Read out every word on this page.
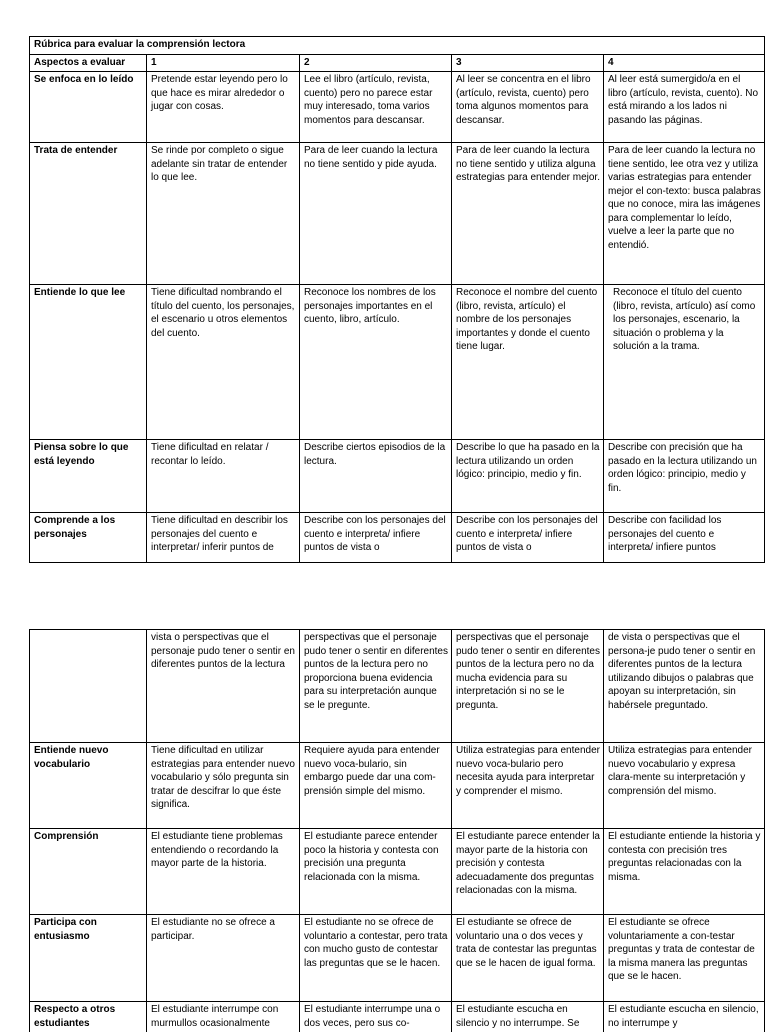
Rúbrica para evaluar la comprensión lectora				
Aspectos a evaluar	1	2	3	4
Se enfoca en lo leído	Pretende estar leyendo pero lo que hace es mirar alrededor o jugar con cosas.	Lee el libro (artículo, revista, cuento) pero no parece estar muy interesado, toma varios momentos para descansar.	Al leer se concentra en el libro (artículo, revista, cuento) pero toma algunos momentos para descansar.	Al leer está sumergido/a en el libro (artículo, revista, cuento). No está mirando a los lados ni pasando las páginas.
Trata de entender	Se rinde por completo o sigue adelante sin tratar de entender lo que lee.	Para de leer cuando la lectura no tiene sentido y pide ayuda.	Para de leer cuando la lectura no tiene sentido y utiliza alguna estrategias para entender mejor.	Para de leer cuando la lectura no tiene sentido, lee otra vez y utiliza varias estrategias para entender mejor el con-texto: busca palabras que no conoce, mira las imágenes para complementar lo leído, vuelve a leer la parte que no entendió.
Entiende lo que lee	Tiene dificultad nombrando el título del cuento, los personajes, el escenario u otros elementos del cuento.	Reconoce los nombres de los personajes importantes en el cuento, libro, artículo.	Reconoce el nombre del cuento (libro, revista, artículo) el nombre de los personajes importantes y donde el cuento tiene lugar.	Reconoce el título del cuento (libro, revista, artículo) así como los personajes, escenario, la situación o problema y la solución a la trama.
Piensa sobre lo que está leyendo	Tiene dificultad en relatar / recontar lo leído.	Describe ciertos episodios de la lectura.	Describe lo que ha pasado en la lectura utilizando un orden lógico: principio, medio y fin.	Describe con precisión que ha pasado en la lectura utilizando un orden lógico: principio, medio y fin.
Comprende a los personajes	Tiene dificultad en describir los personajes del cuento e interpretar/ inferir puntos de	Describe con los personajes del cuento e interpreta/ infiere puntos de vista o	Describe con los personajes del cuento e interpreta/ infiere puntos de vista o	Describe con facilidad los personajes del cuento e interpreta/ infiere puntos
	vista o perspectivas que el personaje pudo tener o sentir en diferentes puntos de la lectura	perspectivas que el personaje pudo tener o sentir en diferentes puntos de la lectura pero no proporciona buena evidencia para su interpretación aunque se le pregunte.	perspectivas que el personaje pudo tener o sentir en diferentes puntos de la lectura pero no da mucha evidencia para su interpretación si no se le pregunta.	de vista o perspectivas que el persona-je pudo tener o sentir en diferentes puntos de la lectura utilizando dibujos o palabras que apoyan su interpretación, sin habérsele preguntado.
Entiende nuevo vocabulario	Tiene dificultad en utilizar estrategias para entender nuevo vocabulario y sólo pregunta sin tratar de descifrar lo que éste significa.	Requiere ayuda para entender nuevo voca-bulario, sin embargo puede dar una com-prensión simple del mismo.	Utiliza estrategias para entender nuevo voca-bulario pero necesita ayuda para interpretar y comprender el mismo.	Utiliza estrategias para entender nuevo vocabulario y expresa clara-mente su interpretación y comprensión del mismo.
Comprensión	El estudiante tiene problemas entendiendo o recordando la mayor parte de la historia.	El estudiante parece entender poco la historia y contesta con precisión una pregunta relacionada con la misma.	El estudiante parece entender la mayor parte de la historia con precisión y contesta adecuadamente dos preguntas relacionadas con la misma.	El estudiante entiende la historia y contesta con precisión tres preguntas relacionadas con la misma.
Participa con entusiasmo	El estudiante no se ofrece a participar.	El estudiante no se ofrece de voluntario a contestar, pero trata con mucho gusto de contestar las preguntas que se le hacen.	El estudiante se ofrece de voluntario una o dos veces y trata de contestar las preguntas que se le hacen de igual forma.	El estudiante se ofrece voluntariamente a con-testar preguntas y trata de contestar de la misma manera las preguntas que se le hacen.
Respecto a otros estudiantes	El estudiante interrumpe con murmullos ocasionalmente	El estudiante interrumpe una o dos veces, pero sus co-	El estudiante escucha en silencio y no interrumpe. Se	El estudiante escucha en silencio, no interrumpe y
